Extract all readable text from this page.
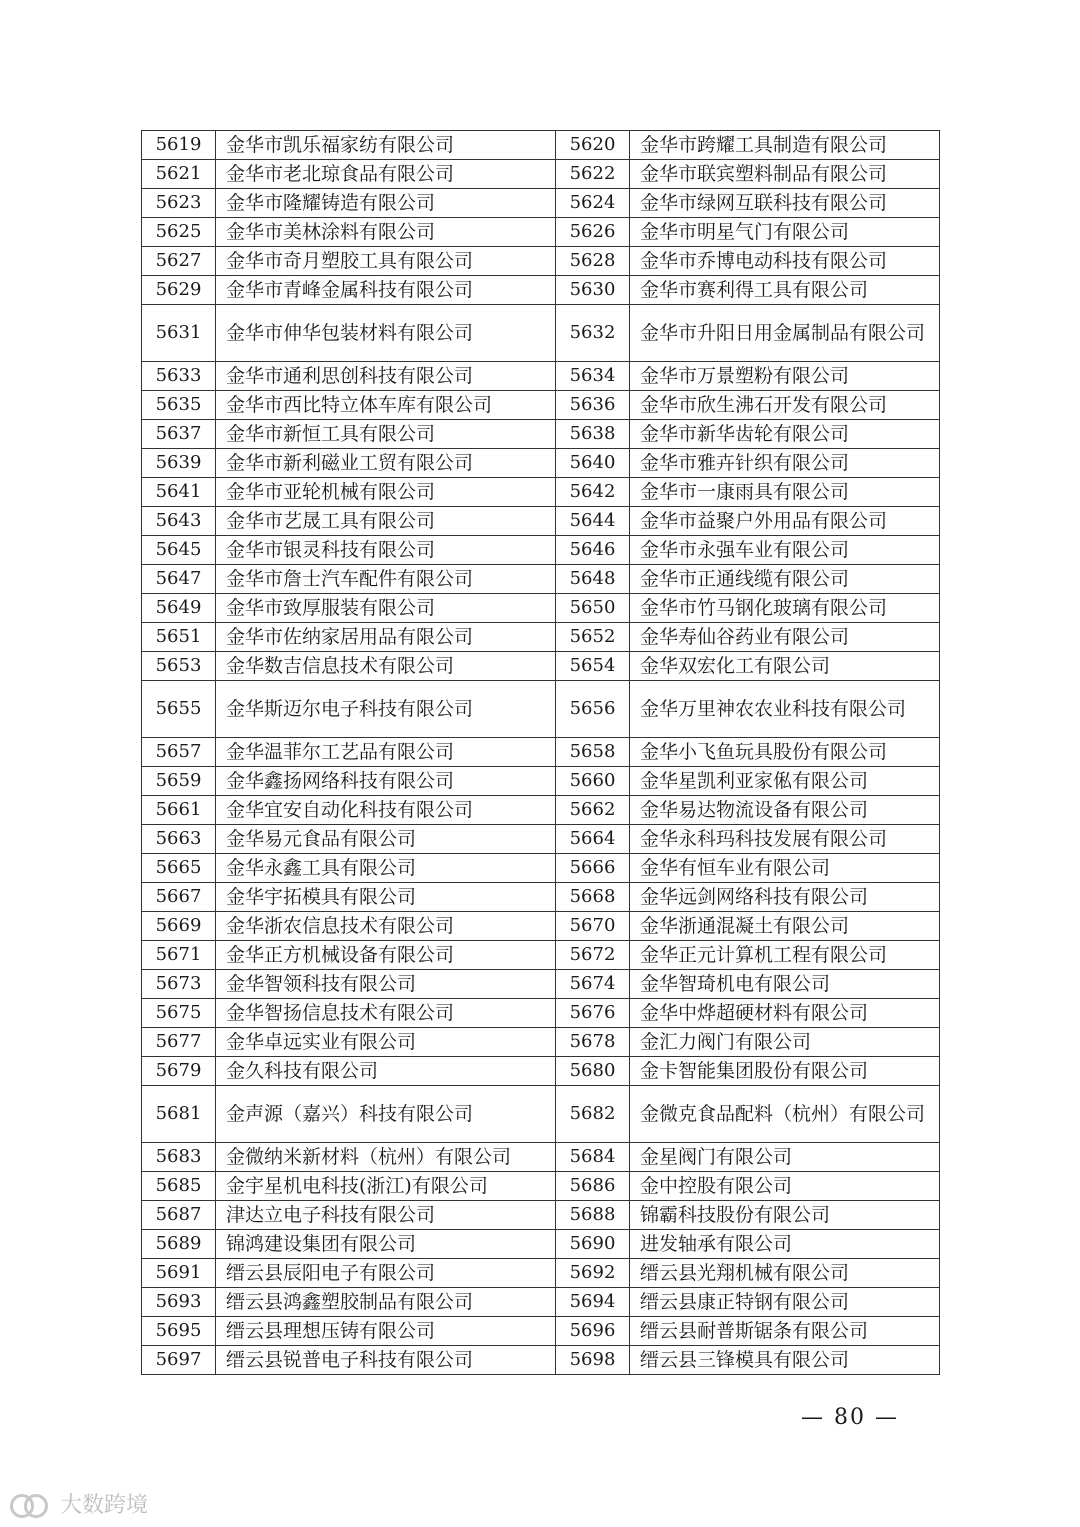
5619	金华市凯乐福家纺有限公司	5620	金华市跨耀工具制造有限公司
5621	金华市老北琼食品有限公司	5622	金华市联宾塑料制品有限公司
5623	金华市隆耀铸造有限公司	5624	金华市绿网互联科技有限公司
5625	金华市美林涂料有限公司	5626	金华市明星气门有限公司
5627	金华市奇月塑胶工具有限公司	5628	金华市乔博电动科技有限公司
5629	金华市青峰金属科技有限公司	5630	金华市赛利得工具有限公司
5631	金华市伸华包装材料有限公司	5632	金华市升阳日用金属制品有限公司
5633	金华市通利思创科技有限公司	5634	金华市万景塑粉有限公司
5635	金华市西比特立体车库有限公司	5636	金华市欣生沸石开发有限公司
5637	金华市新恒工具有限公司	5638	金华市新华齿轮有限公司
5639	金华市新利磁业工贸有限公司	5640	金华市雅卉针织有限公司
5641	金华市亚轮机械有限公司	5642	金华市一康雨具有限公司
5643	金华市艺晟工具有限公司	5644	金华市益聚户外用品有限公司
5645	金华市银灵科技有限公司	5646	金华市永强车业有限公司
5647	金华市詹士汽车配件有限公司	5648	金华市正通线缆有限公司
5649	金华市致厚服装有限公司	5650	金华市竹马钢化玻璃有限公司
5651	金华市佐纳家居用品有限公司	5652	金华寿仙谷药业有限公司
5653	金华数吉信息技术有限公司	5654	金华双宏化工有限公司
5655	金华斯迈尔电子科技有限公司	5656	金华万里神农农业科技有限公司
5657	金华温菲尔工艺品有限公司	5658	金华小飞鱼玩具股份有限公司
5659	金华鑫扬网络科技有限公司	5660	金华星凯利亚家俬有限公司
5661	金华宜安自动化科技有限公司	5662	金华易达物流设备有限公司
5663	金华易元食品有限公司	5664	金华永科玛科技发展有限公司
5665	金华永鑫工具有限公司	5666	金华有恒车业有限公司
5667	金华宇拓模具有限公司	5668	金华远剑网络科技有限公司
5669	金华浙农信息技术有限公司	5670	金华浙通混凝土有限公司
5671	金华正方机械设备有限公司	5672	金华正元计算机工程有限公司
5673	金华智领科技有限公司	5674	金华智琦机电有限公司
5675	金华智扬信息技术有限公司	5676	金华中烨超硬材料有限公司
5677	金华卓远实业有限公司	5678	金汇力阀门有限公司
5679	金久科技有限公司	5680	金卡智能集团股份有限公司
5681	金声源（嘉兴）科技有限公司	5682	金微克食品配料（杭州）有限公司
5683	金微纳米新材料（杭州）有限公司	5684	金星阀门有限公司
5685	金宇星机电科技(浙江)有限公司	5686	金中控股有限公司
5687	津达立电子科技有限公司	5688	锦霸科技股份有限公司
5689	锦鸿建设集团有限公司	5690	进发轴承有限公司
5691	缙云县辰阳电子有限公司	5692	缙云县光翔机械有限公司
5693	缙云县鸿鑫塑胶制品有限公司	5694	缙云县康正特钢有限公司
5695	缙云县理想压铸有限公司	5696	缙云县耐普斯锯条有限公司
5697	缙云县锐普电子科技有限公司	5698	缙云县三锋模具有限公司
— 80 —
大数跨境
